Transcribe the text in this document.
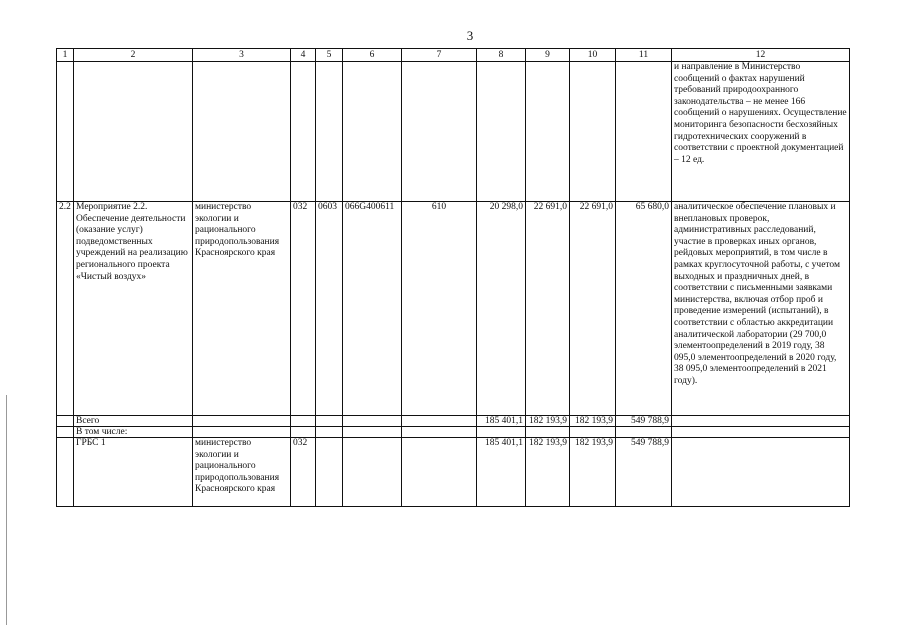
3
1	2	3	4	5	6	7	8	9	10	11	12
											и направление в Министерство сообщений о фактах нарушений требований природоохранного законодательства – не менее 166 сообщений о нарушениях. Осуществление мониторинга безопасности бесхозяйных гидротехнических сооружений в соответствии с проектной документацией – 12 ед.
2.2	Мероприятие 2.2. Обеспечение деятельности (оказание услуг) подведомственных учреждений на реализацию регионального проекта «Чистый воздух»	министерство экологии и рационального природопользования Красноярского края	032	0603	066G400611	610	20 298,0	22 691,0	22 691,0	65 680,0	аналитическое обеспечение плановых и внеплановых проверок, административных расследований, участие в проверках иных органов, рейдовых мероприятий, в том числе в рамках круглосуточной работы, с учетом выходных и праздничных дней, в соответствии с письменными заявками министерства, включая отбор проб и проведение измерений (испытаний), в соответствии с областью аккредитации аналитической лаборатории (29 700,0 элементоопределений в 2019 году, 38 095,0 элементоопределений в 2020 году, 38 095,0 элементоопределений в 2021 году).
	Всего						185 401,1	182 193,9	182 193,9	549 788,9	
	В том числе:										
	ГРБС 1	министерство экологии и рационального природопользования Красноярского края	032				185 401,1	182 193,9	182 193,9	549 788,9	
